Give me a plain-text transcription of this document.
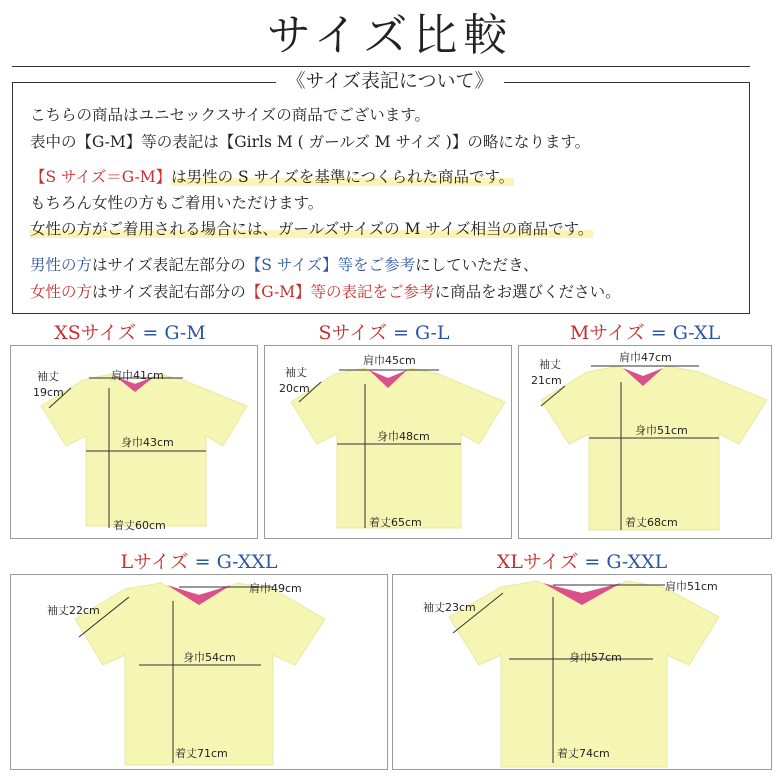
サイズ比較
《サイズ表記について》
こちらの商品はユニセックスサイズの商品でございます。
表中の【G-M】等の表記は【Girls M ( ガールズ M サイズ )】の略になります。
【S サイズ＝G-M】は男性の S サイズを基準につくられた商品です。
もちろん女性の方もご着用いただけます。
女性の方がご着用される場合には、ガールズサイズの M サイズ相当の商品です。
男性の方はサイズ表記左部分の【S サイズ】等をご参考にしていただき、
女性の方はサイズ表記右部分の【G-M】等の表記をご参考に商品をお選びください。
XSサイズ = G-M	Sサイズ = G-L	Mサイズ = G-XL
Lサイズ = G-XXL	XLサイズ = G-XXL
肩巾41cm
身巾43cm
着丈60cm
袖丈
19cm
肩巾45cm
身巾48cm
着丈65cm
袖丈
20cm
肩巾47cm
身巾51cm
着丈68cm
袖丈
21cm
肩巾49cm
身巾54cm
着丈71cm
袖丈22cm
肩巾51cm
身巾57cm
着丈74cm
袖丈23cm
